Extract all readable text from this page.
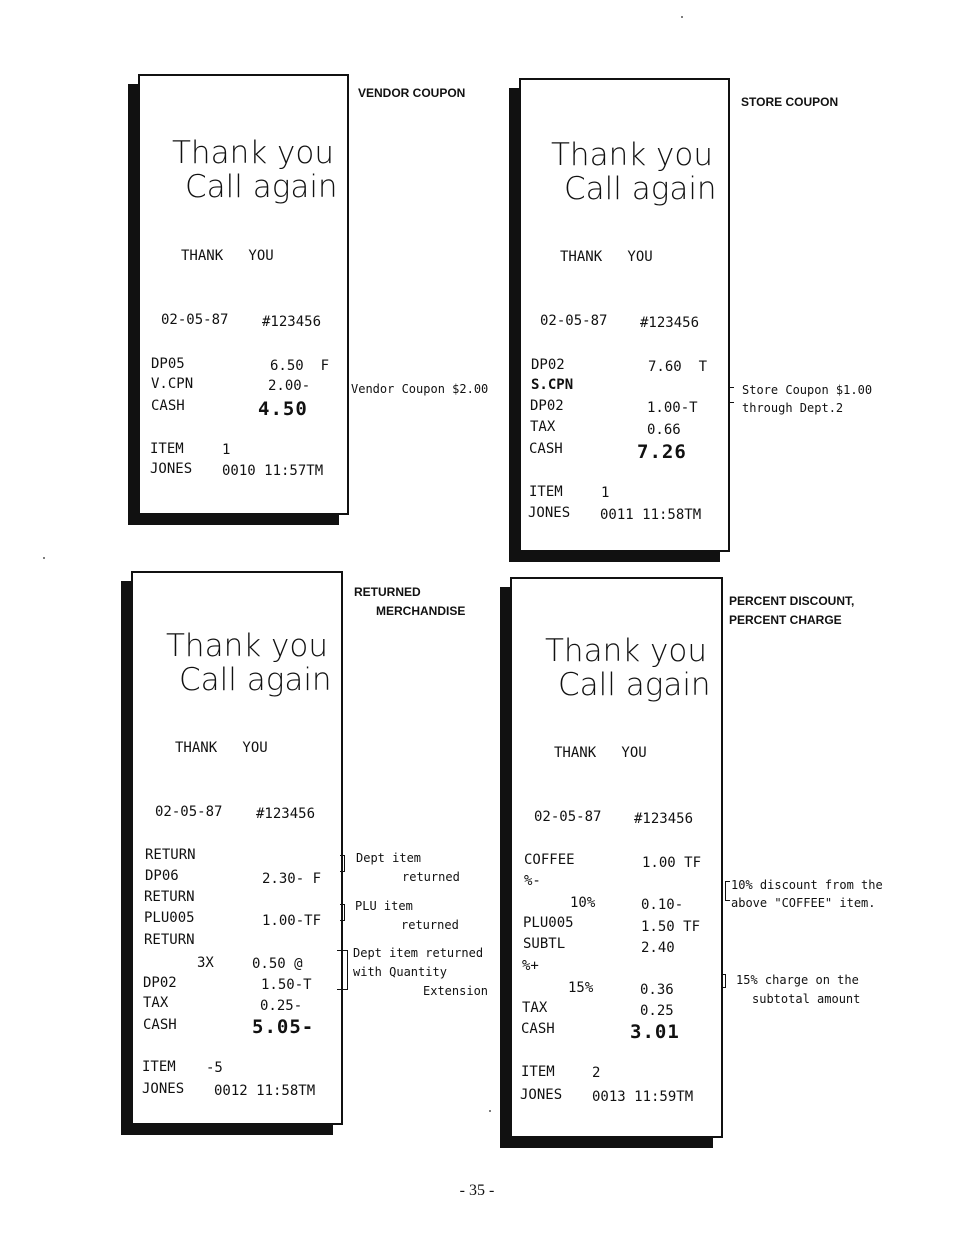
Thank you
Call again
THANK   YOU
02-05-87 #123456
DP05	6.50  F
V.CPN	2.00-
CASH	4.50
ITEM	1
JONES 0010 11:57TM
VENDOR COUPON
Vendor Coupon $2.00
Thank you
Call again
THANK   YOU
02-05-87 #123456
DP02	7.60  T
S.CPN
DP02	1.00-T
TAX	0.66
CASH	7.26
ITEM	1
JONES 0011 11:58TM
STORE COUPON
Store Coupon $1.00
through Dept.2
Thank you
Call again
THANK   YOU
02-05-87 #123456
RETURN
DP06	2.30- F
RETURN
PLU005	1.00-TF
RETURN
3X	0.50 @
DP02	1.50-T
TAX	0.25-
CASH	5.05-
ITEM -5
JONES 0012 11:58TM
RETURNED
MERCHANDISE
Dept item
returned
PLU item
returned
Dept item returned
with Quantity
Extension
Thank you
Call again
THANK   YOU
02-05-87 #123456
COFFEE	1.00 TF
%-
10%	0.10-
PLU005	1.50 TF
SUBTL	2.40
%+
15%	0.36
TAX	0.25
CASH	3.01
ITEM	2
JONES 0013 11:59TM
PERCENT DISCOUNT,
PERCENT CHARGE
10% discount from the
above "COFFEE" item.
15% charge on the
subtotal amount
- 35 -
